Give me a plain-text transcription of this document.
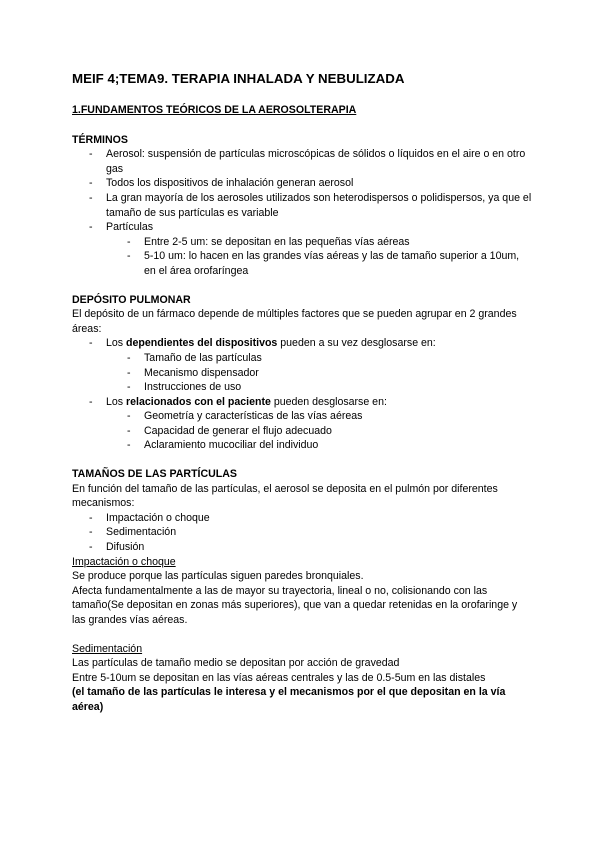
MEIF 4;TEMA9. TERAPIA INHALADA Y NEBULIZADA
1.FUNDAMENTOS TEÓRICOS DE LA AEROSOLTERAPIA
TÉRMINOS
- Aerosol: suspensión de partículas microscópicas de sólidos o líquidos en el aire o en otro gas
- Todos los dispositivos de inhalación generan aerosol
- La gran mayoría de los aerosoles utilizados son heterodispersos o polidispersos, ya que el tamaño de sus partículas es variable
- Partículas
- Entre 2-5 um: se depositan en las pequeñas vías aéreas
- 5-10 um: lo hacen en las grandes vías aéreas y las de tamaño superior a 10um, en el área orofaríngea
DEPÓSITO PULMONAR

El depósito de un fármaco depende de múltiples factores que se pueden agrupar en 2 grandes áreas:

- Los dependientes del dispositivos pueden a su vez desglosarse en:
- Tamaño de las partículas
- Mecanismo dispensador
- Instrucciones de uso
- Los relacionados con el paciente pueden desglosarse en:
- Geometría y características de las vías aéreas
- Capacidad de generar el flujo adecuado
- Aclaramiento mucociliar del individuo
TAMAÑOS DE LAS PARTÍCULAS

En función del tamaño de las partículas, el aerosol se deposita en el pulmón por diferentes mecanismos:

- Impactación o choque
- Sedimentación
- Difusión

Impactación o choque

Se produce porque las partículas siguen paredes bronquiales.

Afecta fundamentalmente a las de mayor su trayectoria, lineal o no, colisionando con las tamaño(Se depositan en zonas más superiores), que van a quedar retenidas en la orofaringe y las grandes vías aéreas.

Sedimentación

Las partículas de tamaño medio se depositan por acción de gravedad

Entre 5-10um se depositan en las vías aéreas centrales y las de 0.5-5um en las distales

(el tamaño de las partículas le interesa y el mecanismos por el que depositan en la vía aérea)
